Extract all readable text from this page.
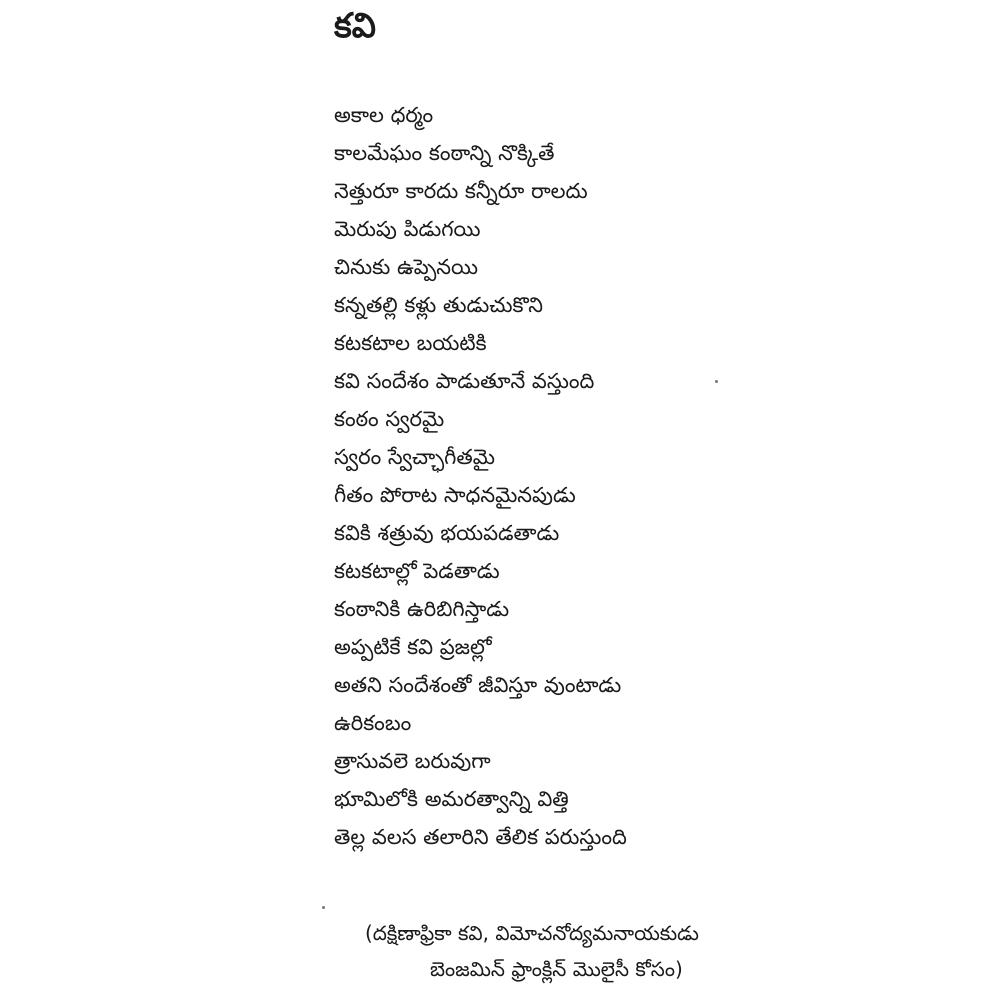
కవి
అకాల ధర్మం
కాలమేఘం కంఠాన్ని నొక్కితే
నెత్తురూ కారదు కన్నీరూ రాలదు
మెరుపు పిడుగయి
చినుకు ఉప్పెనయి
కన్నతల్లి కళ్లు తుడుచుకొని
కటకటాల బయటికి
కవి సందేశం పాడుతూనే వస్తుంది
కంఠం స్వరమై
స్వరం స్వేచ్ఛాగీతమై
గీతం పోరాట సాధనమైనపుడు
కవికి శత్రువు భయపడతాడు
కటకటాల్లో పెడతాడు
కంఠానికి ఉరిబిగిస్తాడు
అప్పటికే కవి ప్రజల్లో
అతని సందేశంతో జీవిస్తూ వుంటాడు
ఉరికంబం
త్రాసువలె బరువుగా
భూమిలోకి అమరత్వాన్ని విత్తి
తెల్ల వలస తలారిని తేలిక పరుస్తుంది
(దక్షిణాఫ్రికా కవి, విమోచనోద్యమనాయకుడు
బెంజమిన్ ఫ్రాంక్లిన్ మొలైసీ కోసం)
